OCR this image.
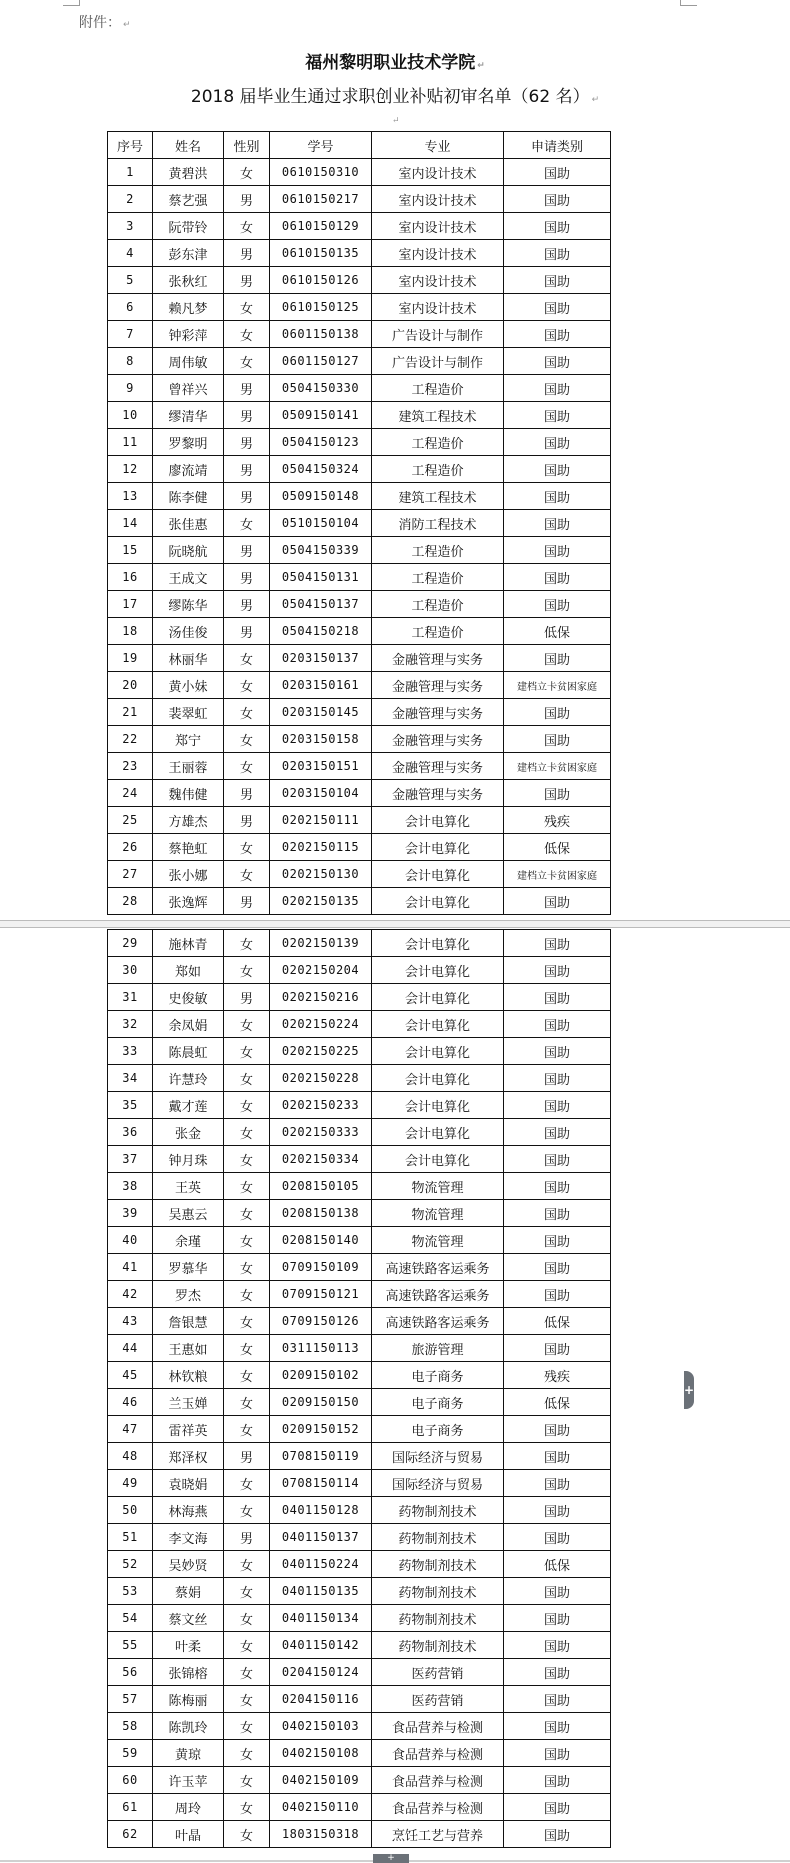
附件： ↵
福州黎明职业技术学院 ↵
2018 届毕业生通过求职创业补贴初审名单（62 名） ↵
↵
序号	姓名	性别	学号	专业	申请类别
1	黄碧洪	女	0610150310	室内设计技术	国助
2	蔡艺强	男	0610150217	室内设计技术	国助
3	阮带铃	女	0610150129	室内设计技术	国助
4	彭东津	男	0610150135	室内设计技术	国助
5	张秋红	男	0610150126	室内设计技术	国助
6	赖凡梦	女	0610150125	室内设计技术	国助
7	钟彩萍	女	0601150138	广告设计与制作	国助
8	周伟敏	女	0601150127	广告设计与制作	国助
9	曾祥兴	男	0504150330	工程造价	国助
10	缪清华	男	0509150141	建筑工程技术	国助
11	罗黎明	男	0504150123	工程造价	国助
12	廖流靖	男	0504150324	工程造价	国助
13	陈李健	男	0509150148	建筑工程技术	国助
14	张佳惠	女	0510150104	消防工程技术	国助
15	阮晓航	男	0504150339	工程造价	国助
16	王成文	男	0504150131	工程造价	国助
17	缪陈华	男	0504150137	工程造价	国助
18	汤佳俊	男	0504150218	工程造价	低保
19	林丽华	女	0203150137	金融管理与实务	国助
20	黄小妹	女	0203150161	金融管理与实务	建档立卡贫困家庭
21	裴翠虹	女	0203150145	金融管理与实务	国助
22	郑宁	女	0203150158	金融管理与实务	国助
23	王丽蓉	女	0203150151	金融管理与实务	建档立卡贫困家庭
24	魏伟健	男	0203150104	金融管理与实务	国助
25	方雄杰	男	0202150111	会计电算化	残疾
26	蔡艳虹	女	0202150115	会计电算化	低保
27	张小娜	女	0202150130	会计电算化	建档立卡贫困家庭
28	张逸辉	男	0202150135	会计电算化	国助
29	施林青	女	0202150139	会计电算化	国助
30	郑如	女	0202150204	会计电算化	国助
31	史俊敏	男	0202150216	会计电算化	国助
32	余凤娟	女	0202150224	会计电算化	国助
33	陈晨虹	女	0202150225	会计电算化	国助
34	许慧玲	女	0202150228	会计电算化	国助
35	戴才莲	女	0202150233	会计电算化	国助
36	张金	女	0202150333	会计电算化	国助
37	钟月珠	女	0202150334	会计电算化	国助
38	王英	女	0208150105	物流管理	国助
39	吴惠云	女	0208150138	物流管理	国助
40	余瑾	女	0208150140	物流管理	国助
41	罗慕华	女	0709150109	高速铁路客运乘务	国助
42	罗杰	女	0709150121	高速铁路客运乘务	国助
43	詹银慧	女	0709150126	高速铁路客运乘务	低保
44	王惠如	女	0311150113	旅游管理	国助
45	林钦粮	女	0209150102	电子商务	残疾
46	兰玉婵	女	0209150150	电子商务	低保
47	雷祥英	女	0209150152	电子商务	国助
48	郑泽权	男	0708150119	国际经济与贸易	国助
49	袁晓娟	女	0708150114	国际经济与贸易	国助
50	林海燕	女	0401150128	药物制剂技术	国助
51	李文海	男	0401150137	药物制剂技术	国助
52	吴妙贤	女	0401150224	药物制剂技术	低保
53	蔡娟	女	0401150135	药物制剂技术	国助
54	蔡文丝	女	0401150134	药物制剂技术	国助
55	叶柔	女	0401150142	药物制剂技术	国助
56	张锦榕	女	0204150124	医药营销	国助
57	陈梅丽	女	0204150116	医药营销	国助
58	陈凯玲	女	0402150103	食品营养与检测	国助
59	黄琼	女	0402150108	食品营养与检测	国助
60	许玉苹	女	0402150109	食品营养与检测	国助
61	周玲	女	0402150110	食品营养与检测	国助
62	叶晶	女	1803150318	烹饪工艺与营养	国助
+
+
